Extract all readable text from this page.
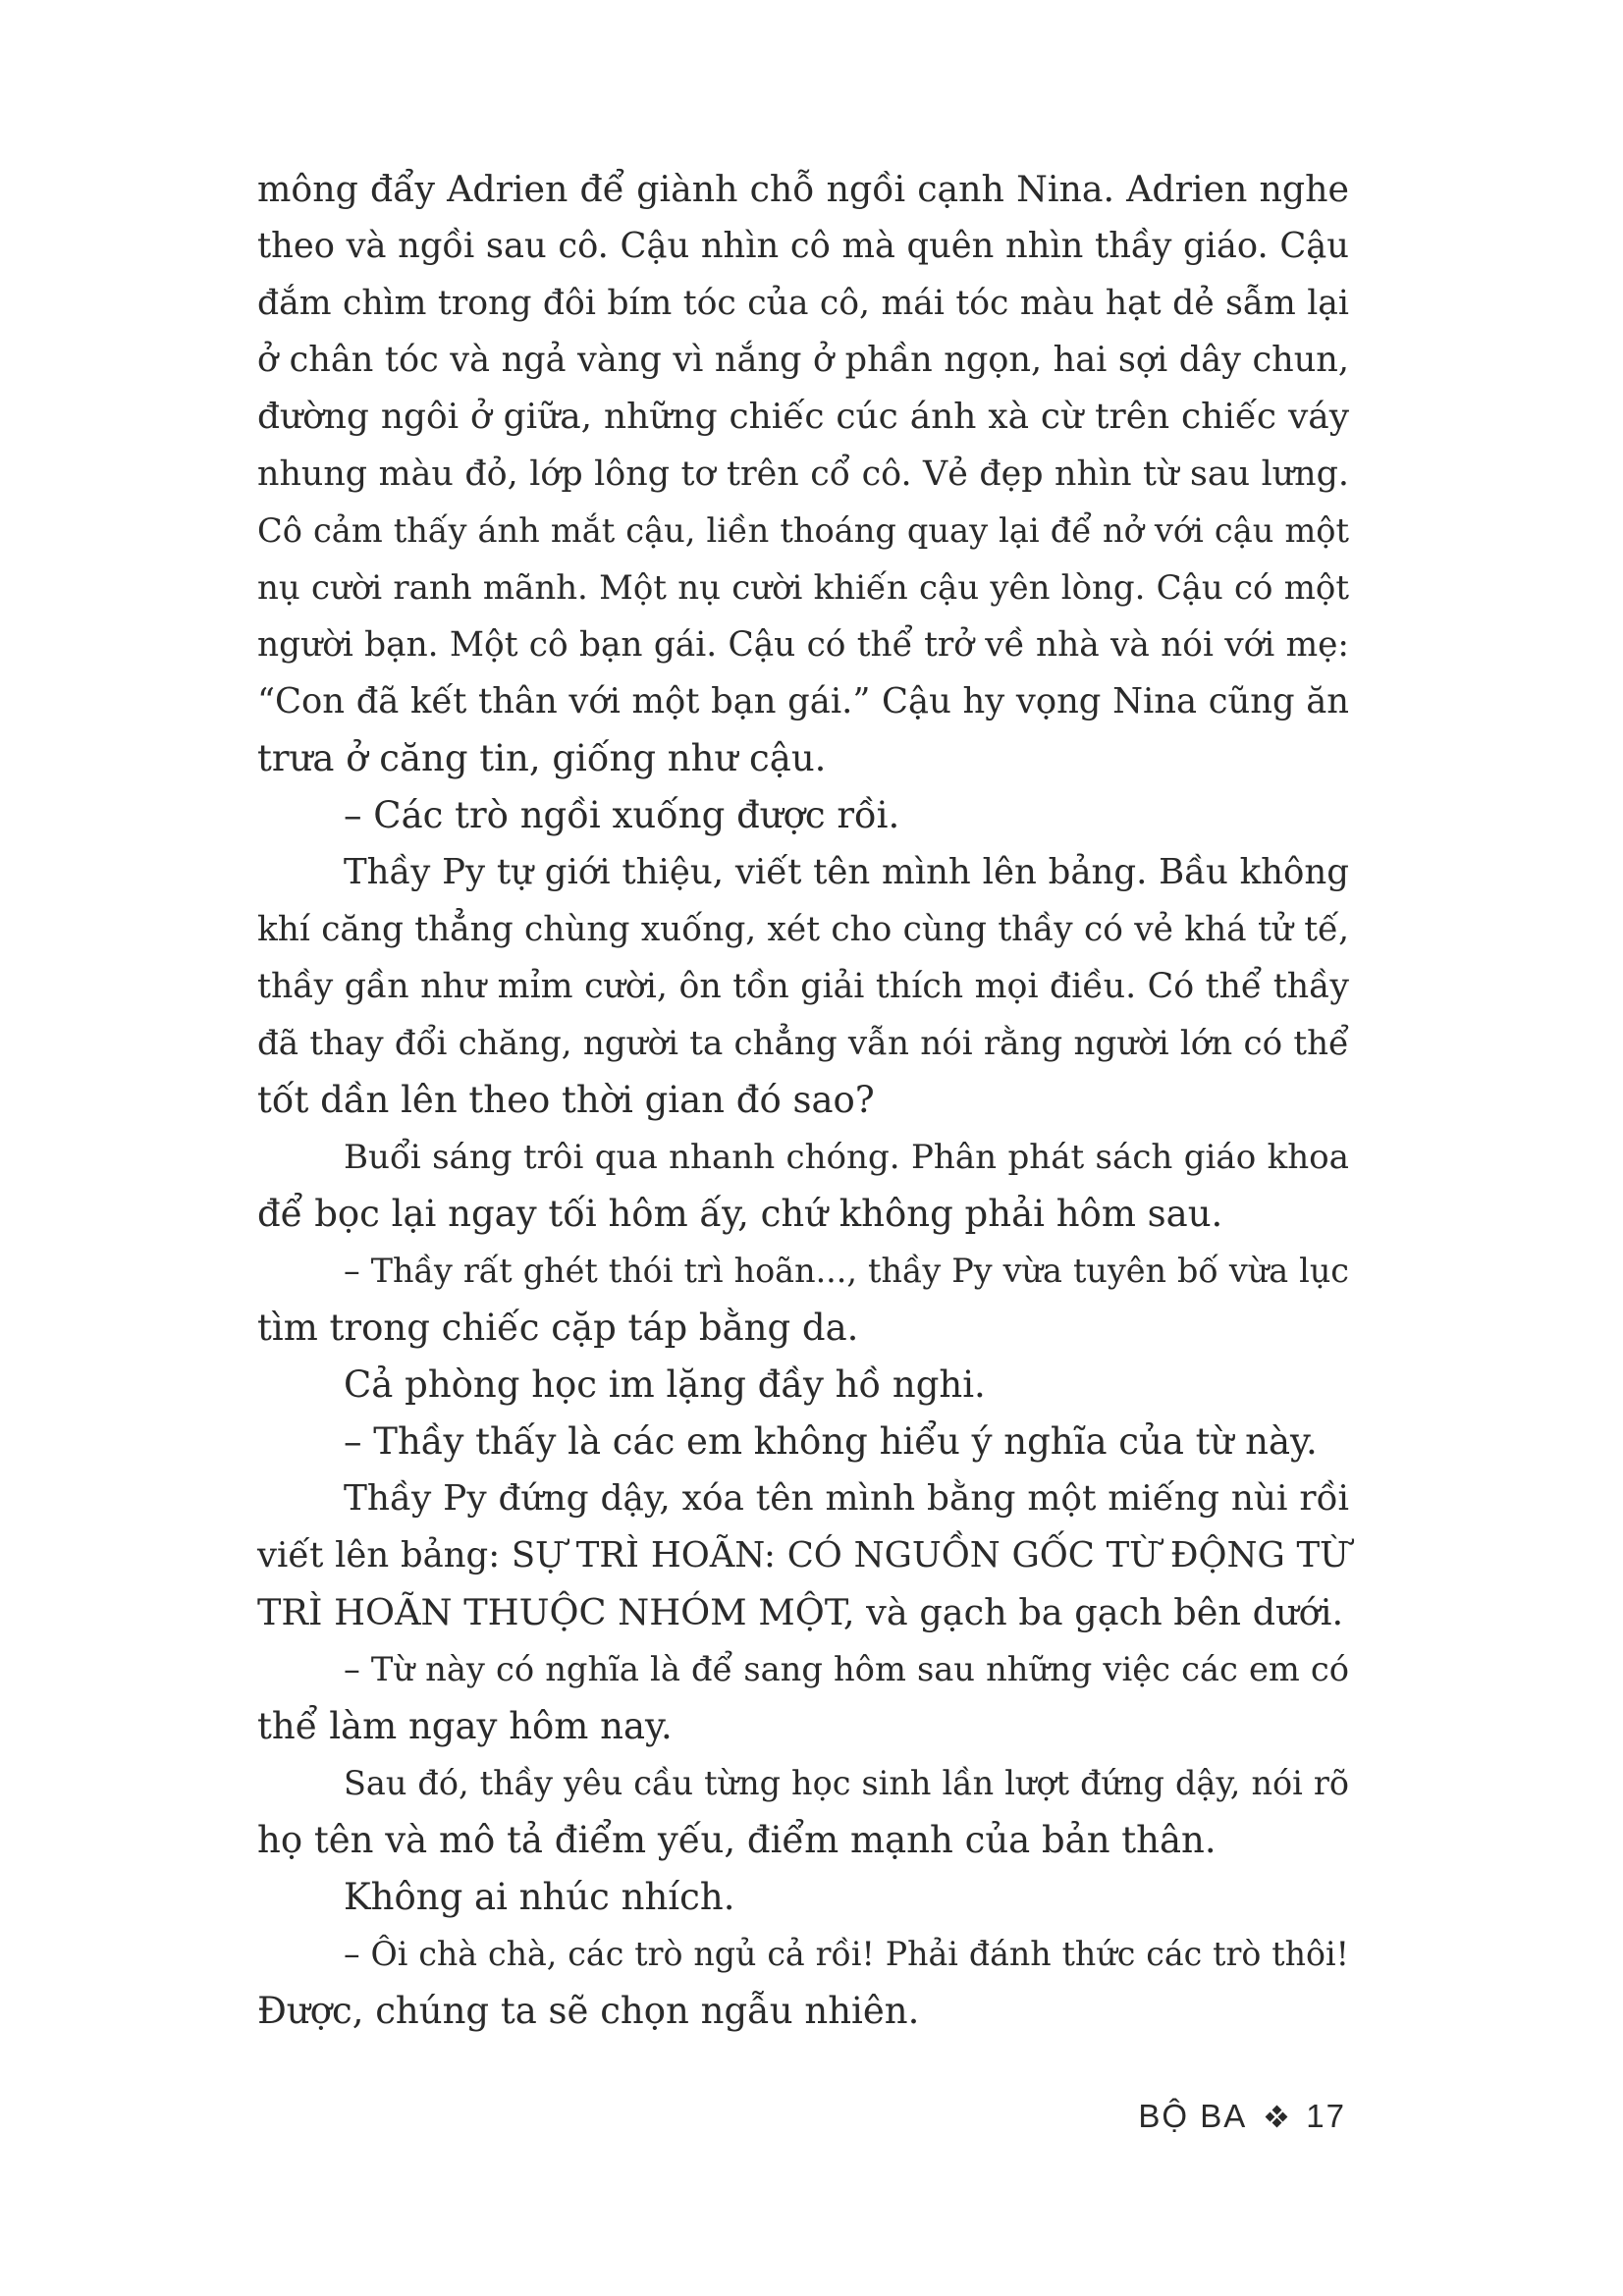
mông đẩy Adrien để giành chỗ ngồi cạnh Nina. Adrien nghe
theo và ngồi sau cô. Cậu nhìn cô mà quên nhìn thầy giáo. Cậu
đắm chìm trong đôi bím tóc của cô, mái tóc màu hạt dẻ sẫm lại
ở chân tóc và ngả vàng vì nắng ở phần ngọn, hai sợi dây chun,
đường ngôi ở giữa, những chiếc cúc ánh xà cừ trên chiếc váy
nhung màu đỏ, lớp lông tơ trên cổ cô. Vẻ đẹp nhìn từ sau lưng.
Cô cảm thấy ánh mắt cậu, liền thoáng quay lại để nở với cậu một
nụ cười ranh mãnh. Một nụ cười khiến cậu yên lòng. Cậu có một
người bạn. Một cô bạn gái. Cậu có thể trở về nhà và nói với mẹ:
“Con đã kết thân với một bạn gái.” Cậu hy vọng Nina cũng ăn
trưa ở căng tin, giống như cậu.
– Các trò ngồi xuống được rồi.
Thầy Py tự giới thiệu, viết tên mình lên bảng. Bầu không
khí căng thẳng chùng xuống, xét cho cùng thầy có vẻ khá tử tế,
thầy gần như mỉm cười, ôn tồn giải thích mọi điều. Có thể thầy
đã thay đổi chăng, người ta chẳng vẫn nói rằng người lớn có thể
tốt dần lên theo thời gian đó sao?
Buổi sáng trôi qua nhanh chóng. Phân phát sách giáo khoa
để bọc lại ngay tối hôm ấy, chứ không phải hôm sau.
– Thầy rất ghét thói trì hoãn..., thầy Py vừa tuyên bố vừa lục
tìm trong chiếc cặp táp bằng da.
Cả phòng học im lặng đầy hồ nghi.
– Thầy thấy là các em không hiểu ý nghĩa của từ này.
Thầy Py đứng dậy, xóa tên mình bằng một miếng nùi rồi
viết lên bảng: SỰ TRÌ HOÃN: CÓ NGUỒN GỐC TỪ ĐỘNG TỪ
TRÌ HOÃN THUỘC NHÓM MỘT, và gạch ba gạch bên dưới.
– Từ này có nghĩa là để sang hôm sau những việc các em có
thể làm ngay hôm nay.
Sau đó, thầy yêu cầu từng học sinh lần lượt đứng dậy, nói rõ
họ tên và mô tả điểm yếu, điểm mạnh của bản thân.
Không ai nhúc nhích.
– Ôi chà chà, các trò ngủ cả rồi! Phải đánh thức các trò thôi!
Được, chúng ta sẽ chọn ngẫu nhiên.
BỘ BA 17
